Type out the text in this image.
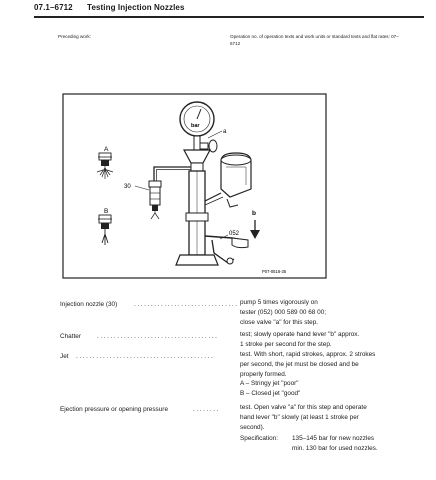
07.1–6712 Testing Injection Nozzles
Preceding work:	Operation no. of operation texts and work units or standard texts and flat rates: 07–6712
A
B
bar
a
30
b
052
P07-0516-35
Injection nozzle (30)	............................... pump 5 times vigorously on
tester (052) 000 589 00 68 00;
close valve "a" for this step.
Chatter	....................................	test; slowly operate hand lever "b" approx.
1 stroke per second for the step.
Jet .........................................	test. With short, rapid strokes, approx. 2 strokes
per second, the jet must be closed and be
properly formed.
A – Stringy jet "poor"
B – Closed jet "good"
Ejection pressure or opening pressure	........	test. Open valve "a" for this step and operate
hand lever "b" slowly (at least 1 stroke per
second).
Specification: 135–145 bar for new nozzles
min. 130 bar for used nozzles.
